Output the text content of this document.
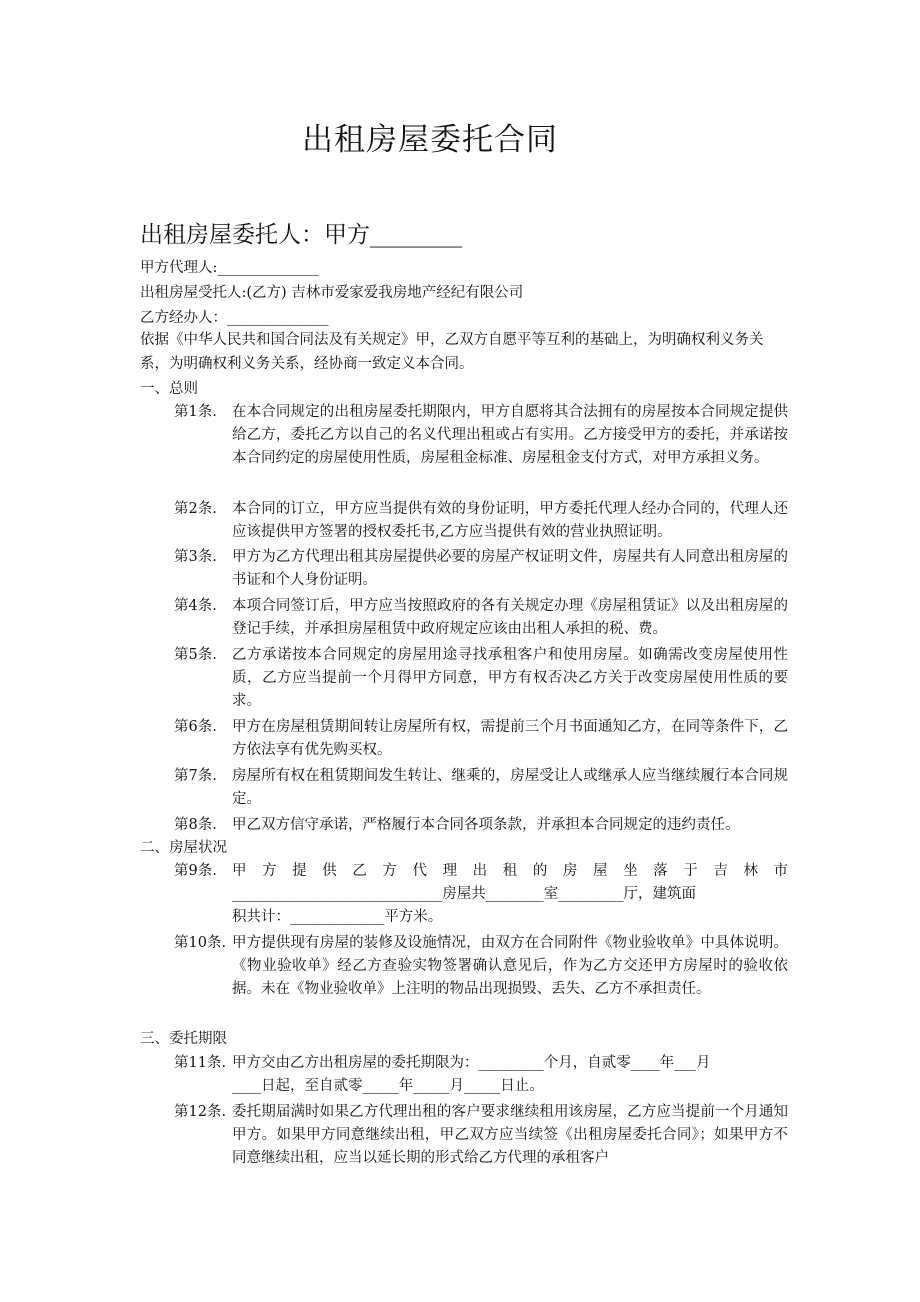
出租房屋委托合同
出租房屋委托人：甲方________
甲方代理人:______________
出租房屋受托人:(乙方) 吉林市爱家爱我房地产经纪有限公司
乙方经办人：______________
依据《中华人民共和国合同法及有关规定》甲，乙双方自愿平等互利的基础上，为明确权利义务关系，为明确权利义务关系，经协商一致定义本合同。
一、总则
第1条.	在本合同规定的出租房屋委托期限内，甲方自愿将其合法拥有的房屋按本合同规定提供给乙方，委托乙方以自己的名义代理出租或占有实用。乙方接受甲方的委托，并承诺按本合同约定的房屋使用性质，房屋租金标准、房屋租金支付方式，对甲方承担义务。
第2条.	本合同的订立，甲方应当提供有效的身份证明，甲方委托代理人经办合同的，代理人还应该提供甲方签署的授权委托书,乙方应当提供有效的营业执照证明。
第3条.	甲方为乙方代理出租其房屋提供必要的房屋产权证明文件，房屋共有人同意出租房屋的书证和个人身份证明。
第4条.	本项合同签订后，甲方应当按照政府的各有关规定办理《房屋租赁证》以及出租房屋的登记手续，并承担房屋租赁中政府规定应该由出租人承担的税、费。
第5条.	乙方承诺按本合同规定的房屋用途寻找承租客户和使用房屋。如确需改变房屋使用性质，乙方应当提前一个月得甲方同意，甲方有权否决乙方关于改变房屋使用性质的要求。
第6条.	甲方在房屋租赁期间转让房屋所有权，需提前三个月书面通知乙方，在同等条件下，乙方依法享有优先购买权。
第7条.	房屋所有权在租赁期间发生转让、继乘的，房屋受让人或继承人应当继续履行本合同规定。
第8条.	甲乙双方信守承诺，严格履行本合同各项条款，并承担本合同规定的违约责任。
二、房屋状况
第9条.	甲 方 提 供 乙 方 代 理 出 租 的 房 屋 坐 落 于 吉 林 市
_____________________________房屋共________室_________厅，建筑面
积共计：_____________平方米。
第10条. 甲方提供现有房屋的装修及设施情况，由双方在合同附件《物业验收单》中具体说明。《物业验收单》经乙方查验实物签署确认意见后，作为乙方交还甲方房屋时的验收依据。未在《物业验收单》上注明的物品出现损毁、丢失、乙方不承担责任。
三、委托期限
第11条. 甲方交由乙方出租房屋的委托期限为：_________个月，自贰零____年___月
____日起，至自贰零_____年_____月_____日止。
第12条. 委托期届满时如果乙方代理出租的客户要求继续租用该房屋，乙方应当提前一个月通知甲方。如果甲方同意继续出租，甲乙双方应当续签《出租房屋委托合同》；如果甲方不同意继续出租，应当以延长期的形式给乙方代理的承租客户
